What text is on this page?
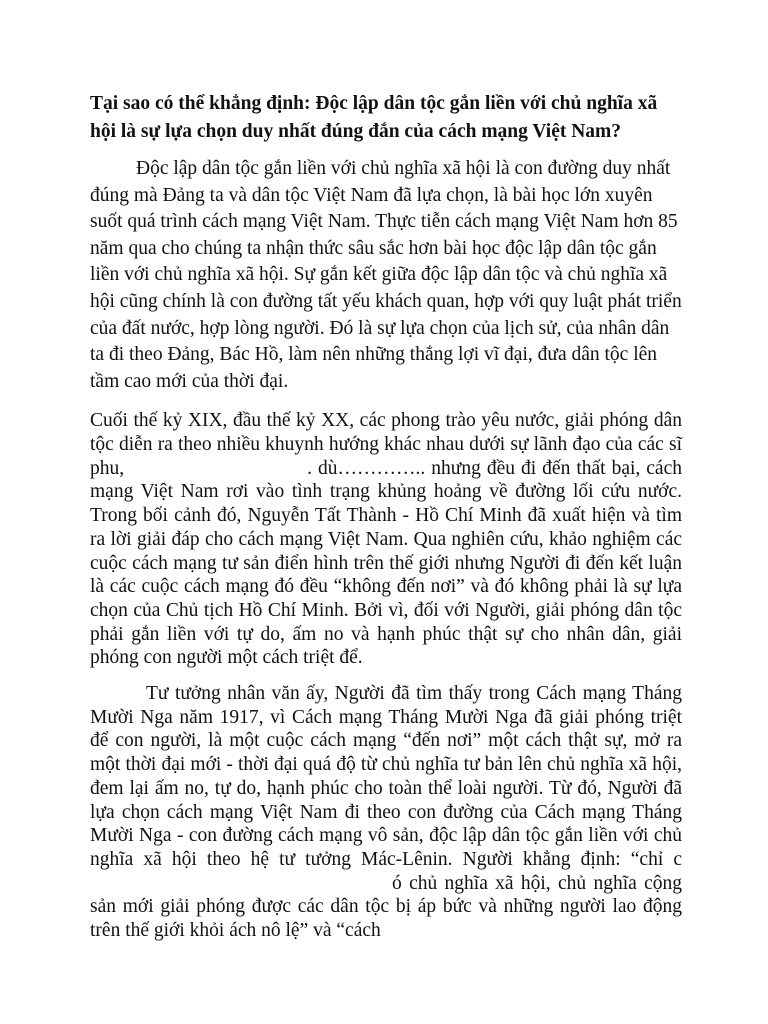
Tại sao có thể khẳng định: Độc lập dân tộc gắn liền với chủ nghĩa xã hội là sự lựa chọn duy nhất đúng đắn của cách mạng Việt Nam?

Độc lập dân tộc gắn liền với chủ nghĩa xã hội là con đường duy nhất đúng mà Đảng ta và dân tộc Việt Nam đã lựa chọn, là bài học lớn xuyên suốt quá trình cách mạng Việt Nam. Thực tiễn cách mạng Việt Nam hơn 85 năm qua cho chúng ta nhận thức sâu sắc hơn bài học độc lập dân tộc gắn liền với chủ nghĩa xã hội. Sự gắn kết giữa độc lập dân tộc và chủ nghĩa xã hội cũng chính là con đường tất yếu khách quan, hợp với quy luật phát triển của đất nước, hợp lòng người. Đó là sự lựa chọn của lịch sử, của nhân dân ta đi theo Đảng, Bác Hồ, làm nên những thắng lợi vĩ đại, đưa dân tộc lên tầm cao mới của thời đại.

Cuối thế kỷ XIX, đầu thế kỷ XX, các phong trào yêu nước, giải phóng dân tộc diễn ra theo nhiều khuynh hướng khác nhau dưới sự lãnh đạo của các sĩ phu,	. dù………….. nhưng đều đi đến thất bại, cách mạng Việt Nam rơi vào tình trạng khủng hoảng về đường lối cứu nước. Trong bối cảnh đó, Nguyễn Tất Thành - Hồ Chí Minh đã xuất hiện và tìm ra lời giải đáp cho cách mạng Việt Nam. Qua nghiên cứu, khảo nghiệm các cuộc cách mạng tư sản điển hình trên thế giới nhưng Người đi đến kết luận là các cuộc cách mạng đó đều “không đến nơi” và đó không phải là sự lựa chọn của Chủ tịch Hồ Chí Minh. Bởi vì, đối với Người, giải phóng dân tộc phải gắn liền với tự do, ấm no và hạnh phúc thật sự cho nhân dân, giải phóng con người một cách triệt để.

Tư tưởng nhân văn ấy, Người đã tìm thấy trong Cách mạng Tháng Mười Nga năm 1917, vì Cách mạng Tháng Mười Nga đã giải phóng triệt để con người, là một cuộc cách mạng “đến nơi” một cách thật sự, mở ra một thời đại mới - thời đại quá độ từ chủ nghĩa tư bản lên chủ nghĩa xã hội, đem lại ấm no, tự do, hạnh phúc cho toàn thể loài người. Từ đó, Người đã lựa chọn cách mạng Việt Nam đi theo con đường của Cách mạng Tháng Mười Nga - con đường cách mạng vô sản, độc lập dân tộc gắn liền với chủ nghĩa xã hội theo hệ tư tưởng Mác-Lênin. Người khẳng định: “chỉ có chủ nghĩa xã hội, chủ nghĩa cộng sản mới giải phóng được các dân tộc bị áp bức và những người lao động trên thế giới khỏi ách nô lệ” và “cách
